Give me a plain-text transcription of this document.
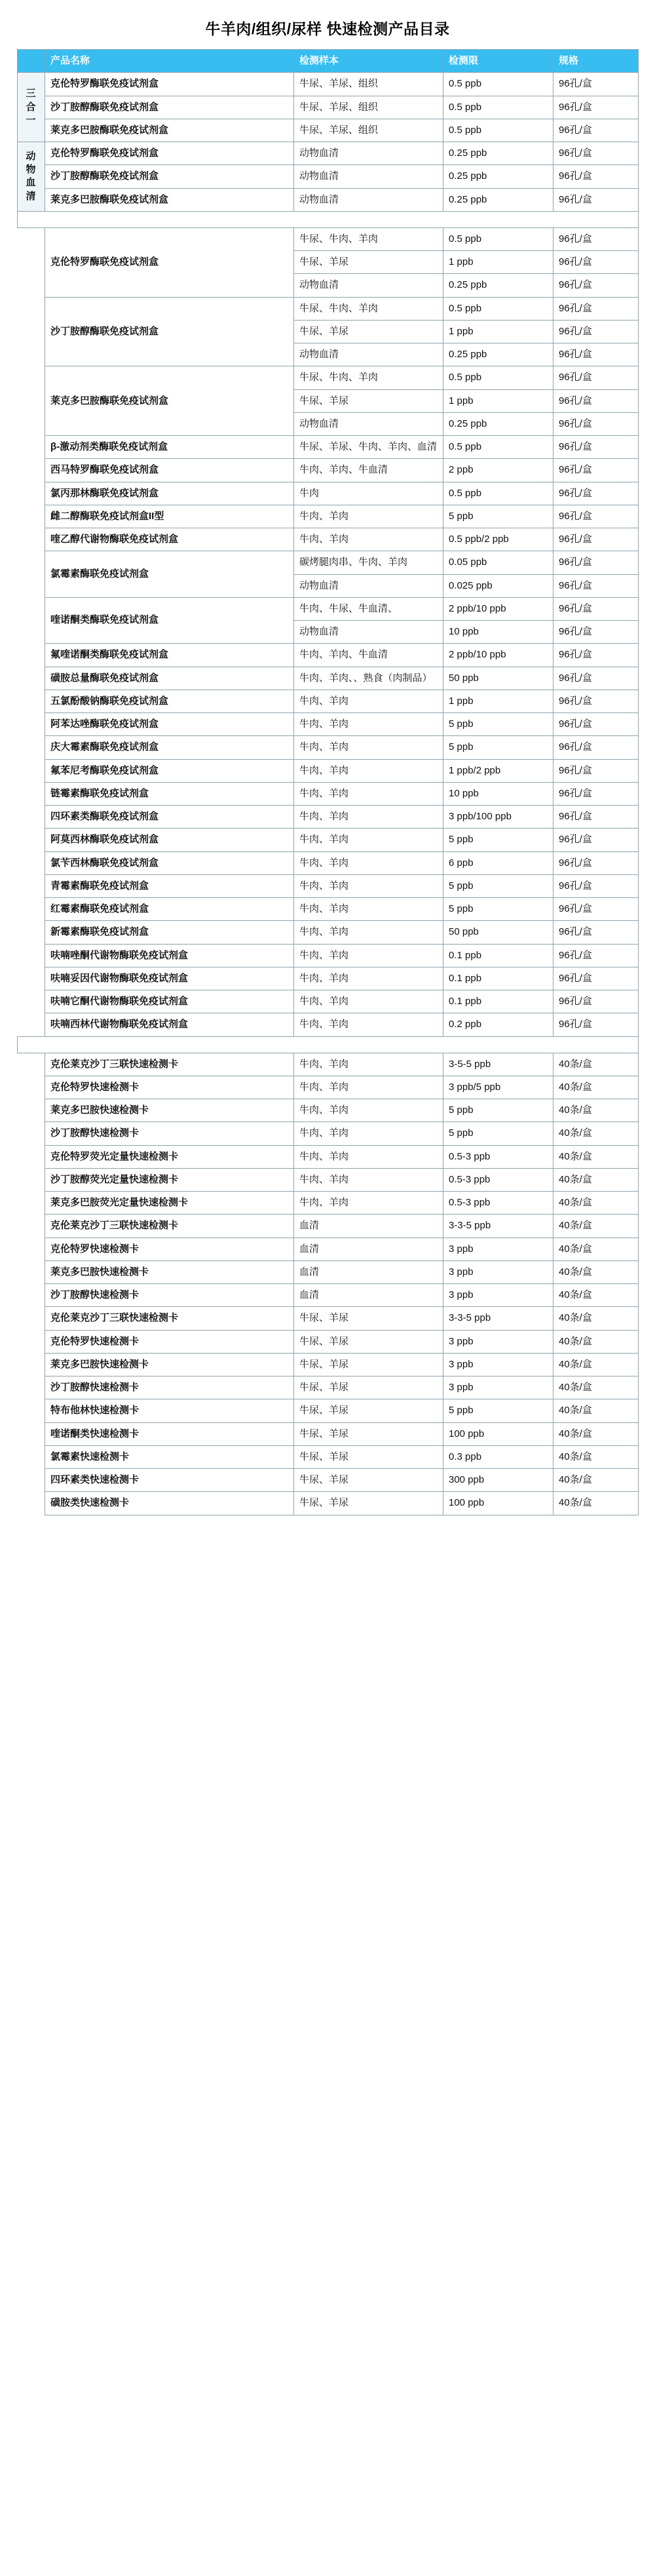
牛羊肉/组织/尿样 快速检测产品目录
	产品名称	检测样本	检测限	规格
三合一	克伦特罗酶联免疫试剂盒	牛尿、羊尿、组织	0.5 ppb	96孔/盒
	沙丁胺醇酶联免疫试剂盒	牛尿、羊尿、组织	0.5 ppb	96孔/盒
	莱克多巴胺酶联免疫试剂盒	牛尿、羊尿、组织	0.5 ppb	96孔/盒
动物血清	克伦特罗酶联免疫试剂盒	动物血清	0.25 ppb	96孔/盒
	沙丁胺醇酶联免疫试剂盒	动物血清	0.25 ppb	96孔/盒
	莱克多巴胺酶联免疫试剂盒	动物血清	0.25 ppb	96孔/盒

	克伦特罗酶联免疫试剂盒	牛尿、牛肉、羊肉	0.5 ppb	96孔/盒
		牛尿、羊尿	1 ppb	96孔/盒
		动物血清	0.25 ppb	96孔/盒
	沙丁胺醇酶联免疫试剂盒	牛尿、牛肉、羊肉	0.5 ppb	96孔/盒
		牛尿、羊尿	1 ppb	96孔/盒
		动物血清	0.25 ppb	96孔/盒
	莱克多巴胺酶联免疫试剂盒	牛尿、牛肉、羊肉	0.5 ppb	96孔/盒
		牛尿、羊尿	1 ppb	96孔/盒
		动物血清	0.25 ppb	96孔/盒
	β-激动剂类酶联免疫试剂盒	牛尿、羊尿、牛肉、羊肉、血清	0.5 ppb	96孔/盒
	西马特罗酶联免疫试剂盒	牛肉、羊肉、牛血清	2 ppb	96孔/盒
	氯丙那林酶联免疫试剂盒	牛肉	0.5 ppb	96孔/盒
	雌二醇酶联免疫试剂盒II型	牛肉、羊肉	5 ppb	96孔/盒
	喹乙醇代谢物酶联免疫试剂盒	牛肉、羊肉	0.5 ppb/2 ppb	96孔/盒
	氯霉素酶联免疫试剂盒	碳烤腿肉串、牛肉、羊肉	0.05 ppb	96孔/盒
		动物血清	0.025 ppb	96孔/盒
	喹诺酮类酶联免疫试剂盒	牛肉、牛尿、牛血清、	2 ppb/10 ppb	96孔/盒
		动物血清	10 ppb	96孔/盒
	氟喹诺酮类酶联免疫试剂盒	牛肉、羊肉、牛血清	2 ppb/10 ppb	96孔/盒
	磺胺总量酶联免疫试剂盒	牛肉、羊肉、、熟食（肉制品）	50 ppb	96孔/盒
	五氯酚酸钠酶联免疫试剂盒	牛肉、羊肉	1 ppb	96孔/盒
	阿苯达唑酶联免疫试剂盒	牛肉、羊肉	5 ppb	96孔/盒
	庆大霉素酶联免疫试剂盒	牛肉、羊肉	5 ppb	96孔/盒
	氟苯尼考酶联免疫试剂盒	牛肉、羊肉	1 ppb/2 ppb	96孔/盒
	链霉素酶联免疫试剂盒	牛肉、羊肉	10 ppb	96孔/盒
	四环素类酶联免疫试剂盒	牛肉、羊肉	3 ppb/100 ppb	96孔/盒
	阿莫西林酶联免疫试剂盒	牛肉、羊肉	5 ppb	96孔/盒
	氯苄西林酶联免疫试剂盒	牛肉、羊肉	6 ppb	96孔/盒
	青霉素酶联免疫试剂盒	牛肉、羊肉	5 ppb	96孔/盒
	红霉素酶联免疫试剂盒	牛肉、羊肉	5 ppb	96孔/盒
	新霉素酶联免疫试剂盒	牛肉、羊肉	50 ppb	96孔/盒
	呋喃唑酮代谢物酶联免疫试剂盒	牛肉、羊肉	0.1 ppb	96孔/盒
	呋喃妥因代谢物酶联免疫试剂盒	牛肉、羊肉	0.1 ppb	96孔/盒
	呋喃它酮代谢物酶联免疫试剂盒	牛肉、羊肉	0.1 ppb	96孔/盒
	呋喃西林代谢物酶联免疫试剂盒	牛肉、羊肉	0.2 ppb	96孔/盒

	克伦莱克沙丁三联快速检测卡	牛肉、羊肉	3-5-5 ppb	40条/盒
	克伦特罗快速检测卡	牛肉、羊肉	3 ppb/5 ppb	40条/盒
	莱克多巴胺快速检测卡	牛肉、羊肉	5 ppb	40条/盒
	沙丁胺醇快速检测卡	牛肉、羊肉	5 ppb	40条/盒
	克伦特罗荧光定量快速检测卡	牛肉、羊肉	0.5-3 ppb	40条/盒
	沙丁胺醇荧光定量快速检测卡	牛肉、羊肉	0.5-3 ppb	40条/盒
	莱克多巴胺荧光定量快速检测卡	牛肉、羊肉	0.5-3 ppb	40条/盒
	克伦莱克沙丁三联快速检测卡	血清	3-3-5 ppb	40条/盒
	克伦特罗快速检测卡	血清	3 ppb	40条/盒
	莱克多巴胺快速检测卡	血清	3 ppb	40条/盒
	沙丁胺醇快速检测卡	血清	3 ppb	40条/盒
	克伦莱克沙丁三联快速检测卡	牛尿、羊尿	3-3-5 ppb	40条/盒
	克伦特罗快速检测卡	牛尿、羊尿	3 ppb	40条/盒
	莱克多巴胺快速检测卡	牛尿、羊尿	3 ppb	40条/盒
	沙丁胺醇快速检测卡	牛尿、羊尿	3 ppb	40条/盒
	特布他林快速检测卡	牛尿、羊尿	5 ppb	40条/盒
	喹诺酮类快速检测卡	牛尿、羊尿	100 ppb	40条/盒
	氯霉素快速检测卡	牛尿、羊尿	0.3 ppb	40条/盒
	四环素类快速检测卡	牛尿、羊尿	300 ppb	40条/盒
	磺胺类快速检测卡	牛尿、羊尿	100 ppb	40条/盒
